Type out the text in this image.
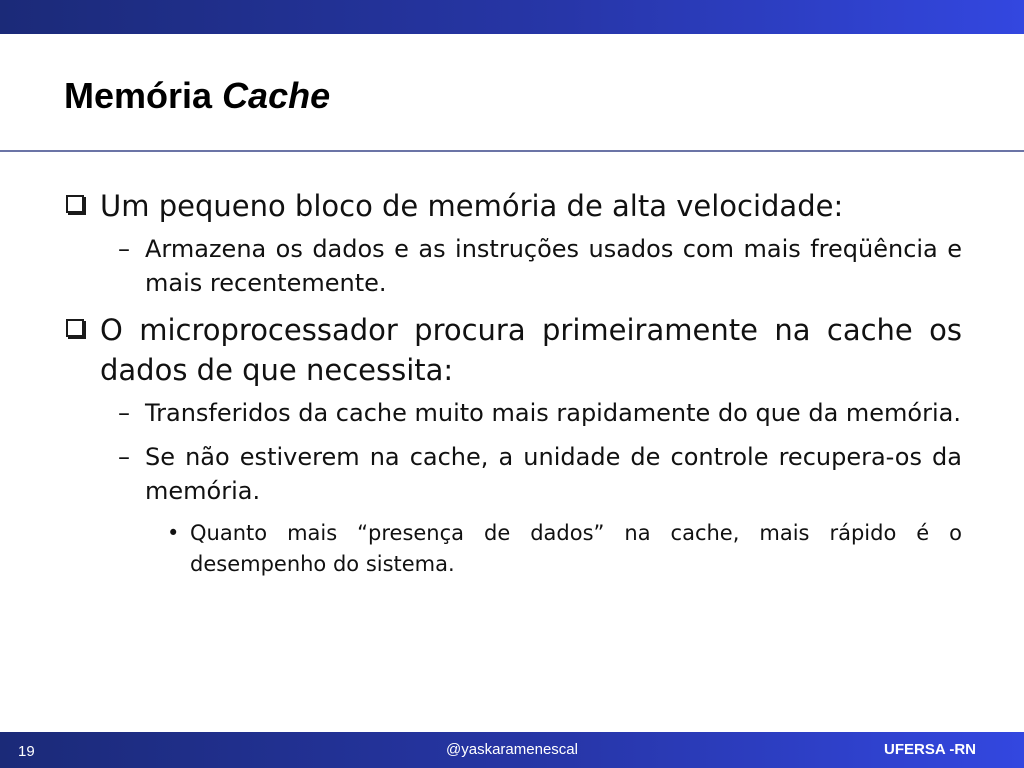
Memória Cache

Um pequeno bloco de memória de alta velocidade:

– Armazena os dados e as instruções usados com mais freqüência e mais recentemente.

O microprocessador procura primeiramente na cache os dados de que necessita:

– Transferidos da cache muito mais rapidamente do que da memória.

– Se não estiverem na cache, a unidade de controle recupera-os da memória.

• Quanto mais “presença de dados” na cache, mais rápido é o desempenho do sistema.

19	@yaskaramenescal	UFERSA -RN
